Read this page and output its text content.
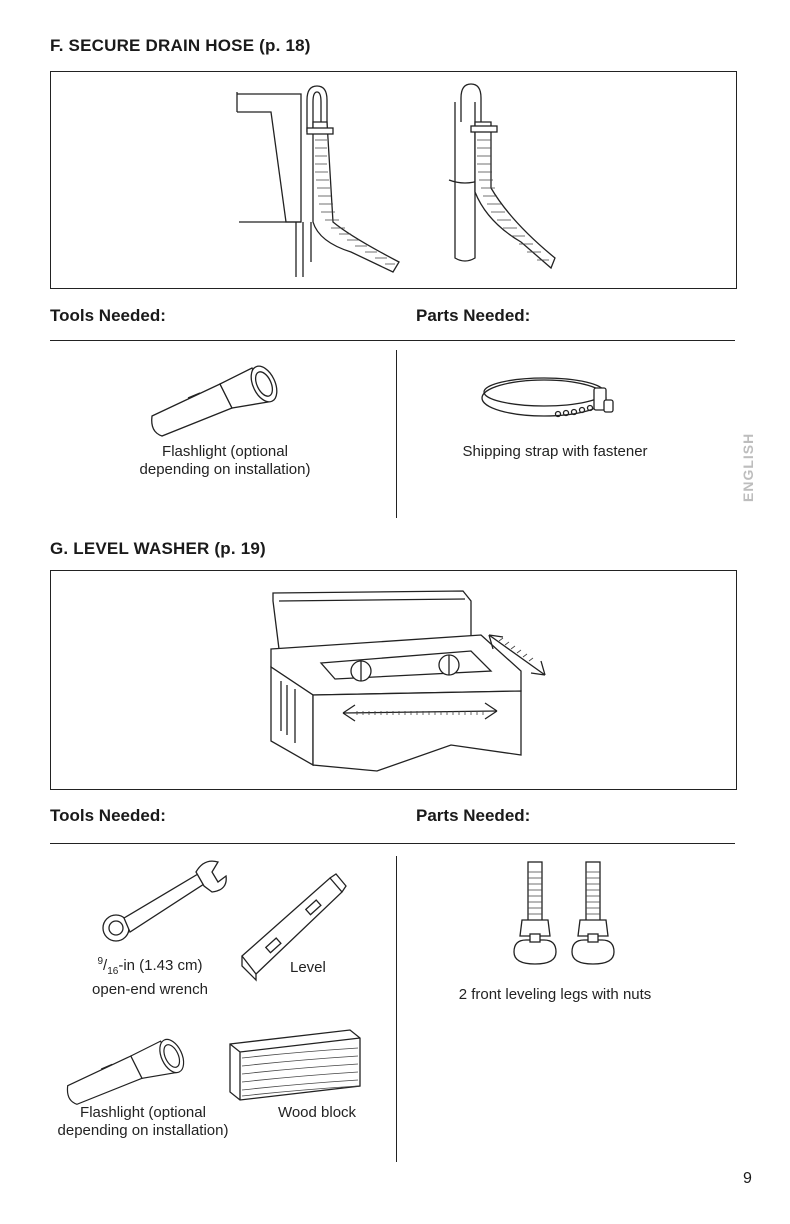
ENGLISH
F. SECURE DRAIN HOSE (p. 18)
Tools Needed:	Parts Needed:
Flashlight (optional
depending on installation)
Shipping strap with fastener
G. LEVEL WASHER (p. 19)
Tools Needed:	Parts Needed:
$^9/_{16}-in$ (1.43 cm)
open-end wrench
Level
Flashlight (optional
depending on installation)
Wood block
2 front leveling legs with nuts
9
